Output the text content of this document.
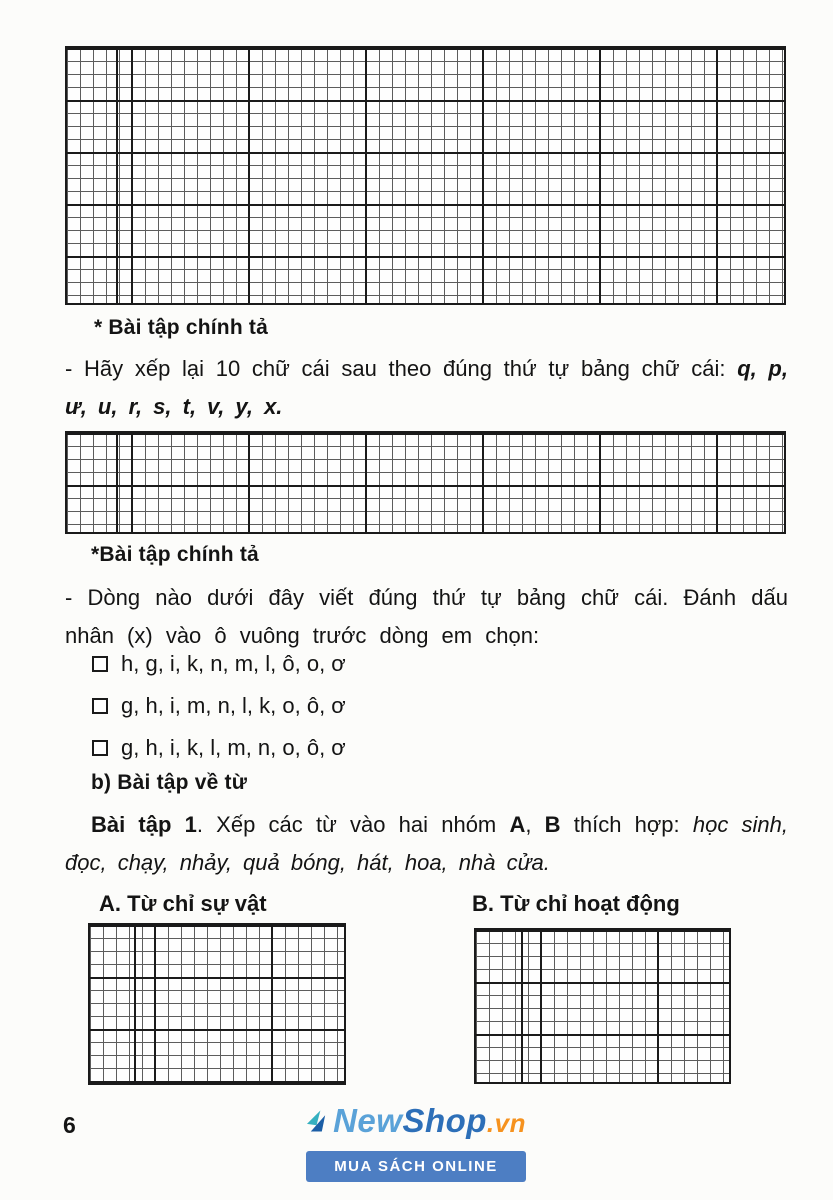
* Bài tập chính tả

- Hãy xếp lại 10 chữ cái sau theo đúng thứ tự bảng chữ cái: q, p, ư, u, r, s, t, v, y, x.

*Bài tập chính tả

- Dòng nào dưới đây viết đúng thứ tự bảng chữ cái. Đánh dấu nhân (x) vào ô vuông trước dòng em chọn:

h, g, i, k, n, m, l, ô, o, ơ
g, h, i, m, n, l, k, o, ô, ơ
g, h, i, k, l, m, n, o, ô, ơ
b) Bài tập về từ

Bài tập 1. Xếp các từ vào hai nhóm A, B thích hợp: học sinh, đọc, chạy, nhảy, quả bóng, hát, hoa, nhà cửa.

A. Từ chỉ sự vật	B. Từ chỉ hoạt động
6	NewShop.vn
MUA SÁCH ONLINE
